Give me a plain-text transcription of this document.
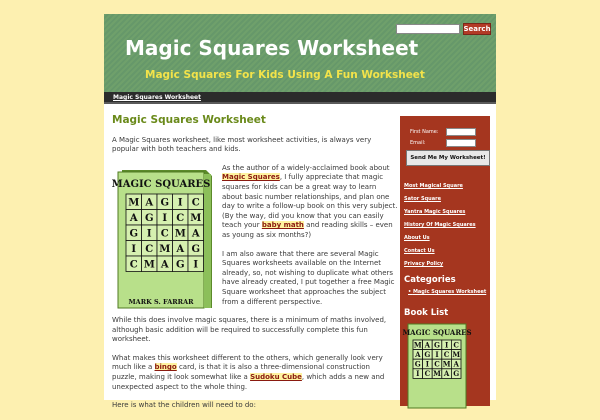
Magic Squares Worksheet
Magic Squares For Kids Using A Fun Worksheet
Search
Magic Squares Worksheet
Magic Squares Worksheet

A Magic Squares worksheet, like most worksheet activities, is always very popular with both teachers and kids.

MAGIC SQUARES
M A G I C
A G I C M
G I C M A
I C M A G
C M A G I
MARK S. FARRAR

As the author of a widely-acclaimed book about Magic Squares, I fully appreciate that magic squares for kids can be a great way to learn about basic number relationships, and plan one day to write a follow-up book on this very subject. (By the way, did you know that you can easily teach your baby math and reading skills – even as young as six months?)

I am also aware that there are several Magic Squares worksheets available on the Internet already, so, not wishing to duplicate what others have already created, I put together a free Magic Square worksheet that approaches the subject from a different perspective.

While this does involve magic squares, there is a minimum of maths involved, although basic addition will be required to successfully complete this fun worksheet.

What makes this worksheet different to the others, which generally look very much like a bingo card, is that it is also a three-dimensional construction puzzle, making it look somewhat like a Sudoku Cube, which adds a new and unexpected aspect to the whole thing.

Here is what the children will need to do:

First Name:
Email:
Send Me My Worksheet!
Most Magical Square
Sator Square
Yantra Magic Squares
History Of Magic Squares
About Us
Contact Us
Privacy Policy
Categories
• Magic Squares Worksheet
Book List
MAGIC SQUARES
M A G I C
A G I C M
G I C M A
I C M A G
